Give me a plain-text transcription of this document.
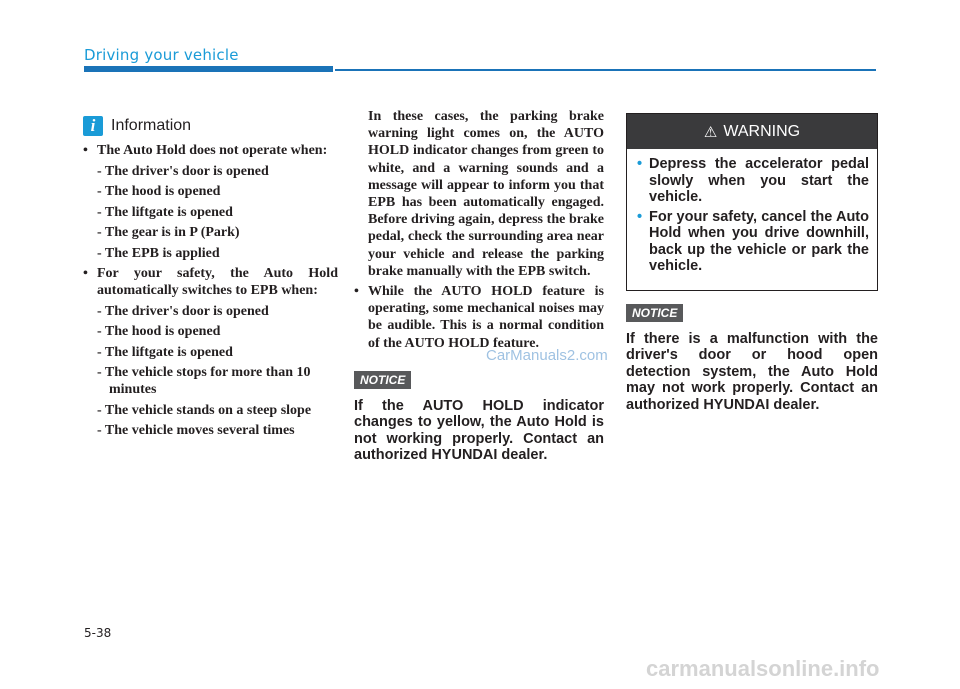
Driving your vehicle
i Information
• The Auto Hold does not operate when:
- The driver's door is opened
- The hood is opened
- The liftgate is opened
- The gear is in P (Park)
- The EPB is applied
• For your safety, the Auto Hold automatically switches to EPB when:
- The driver's door is opened
- The hood is opened
- The liftgate is opened
- The vehicle stops for more than 10 minutes
- The vehicle stands on a steep slope
- The vehicle moves several times
In these cases, the parking brake warning light comes on, the AUTO HOLD indicator changes from green to white, and a warning sounds and a message will appear to inform you that EPB has been automatically engaged. Before driving again, depress the brake pedal, check the surrounding area near your vehicle and release the parking brake manually with the EPB switch.
• While the AUTO HOLD feature is operating, some mechanical noises may be audible. This is a normal condition of the AUTO HOLD feature.
NOTICE
If the AUTO HOLD indicator changes to yellow, the Auto Hold is not working properly. Contact an authorized HYUNDAI dealer.
⚠ WARNING
• Depress the accelerator pedal slowly when you start the vehicle.
• For your safety, cancel the Auto Hold when you drive downhill, back up the vehicle or park the vehicle.
NOTICE
If there is a malfunction with the driver's door or hood open detection system, the Auto Hold may not work properly. Contact an authorized HYUNDAI dealer.
CarManuals2.com
5-38
carmanualsonline.info
